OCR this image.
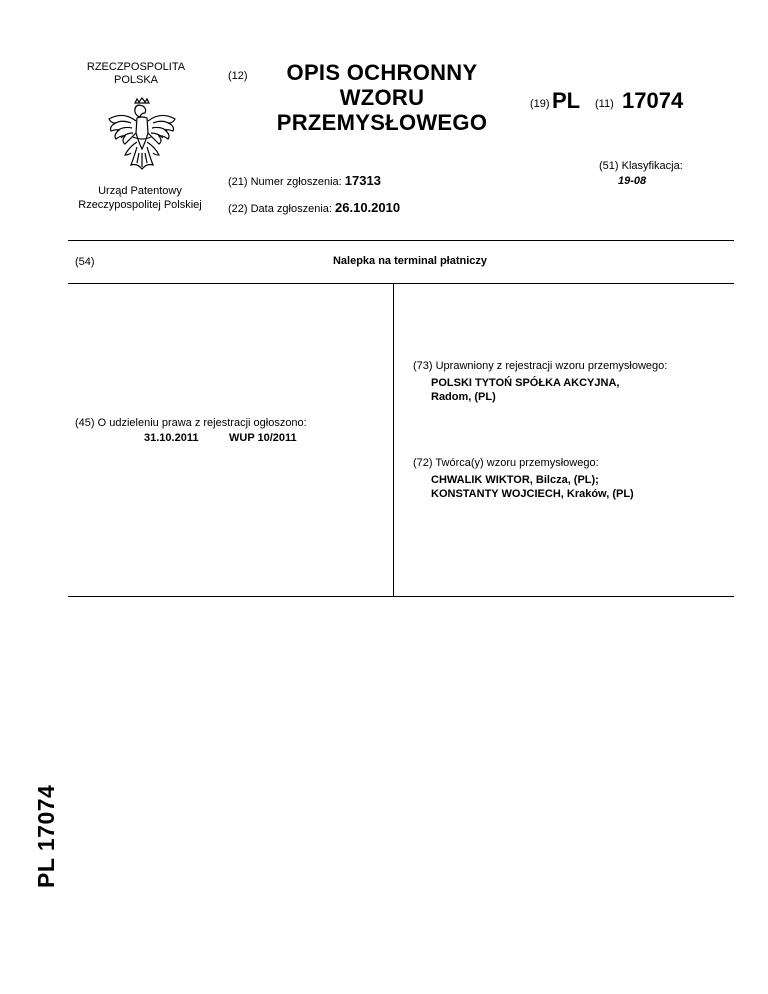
RZECZPOSPOLITA POLSKA
Urząd Patentowy
Rzeczypospolitej Polskiej
(12)	OPIS OCHRONNY WZORU PRZEMYSŁOWEGO
(19) PL (11) 17074
(21) Numer zgłoszenia: 17313
(22) Data zgłoszenia: 26.10.2010
(51) Klasyfikacja:
19-08
(54)	Nalepka na terminal płatniczy
(45) O udzieleniu prawa z rejestracji ogłoszono:
31.10.2011	WUP 10/2011
(73) Uprawniony z rejestracji wzoru przemysłowego:
POLSKI TYTOŃ SPÓŁKA AKCYJNA,
Radom, (PL)
(72) Twórca(y) wzoru przemysłowego:
CHWALIK WIKTOR, Bilcza, (PL);
KONSTANTY WOJCIECH, Kraków, (PL)
PL 17074
